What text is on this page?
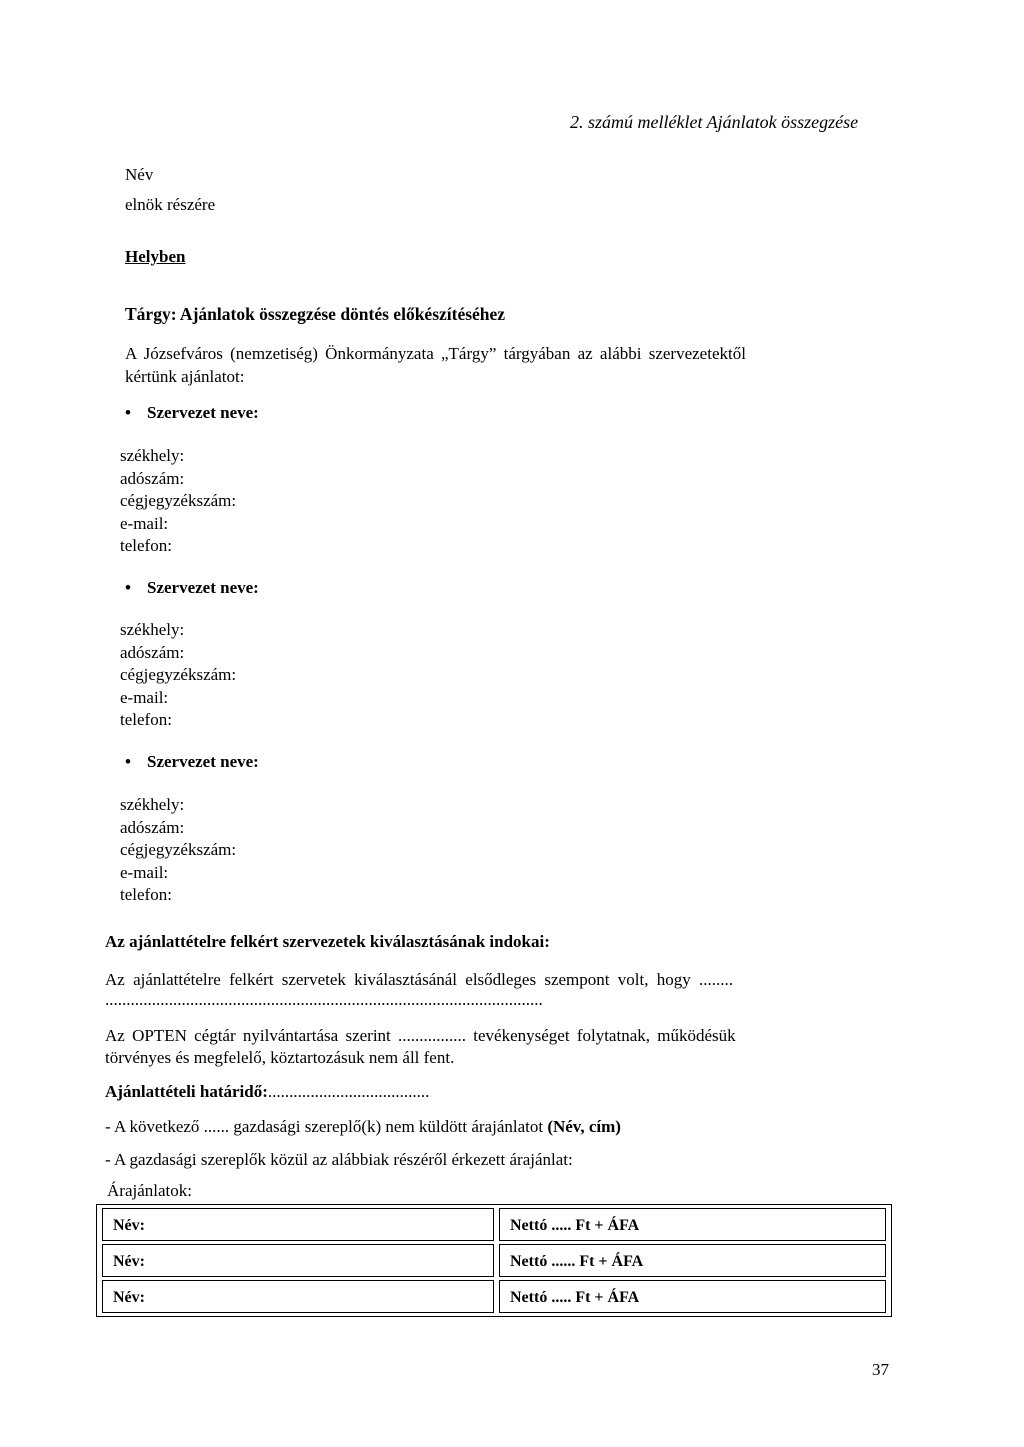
2. számú melléklet Ajánlatok összegzése
Név
elnök részére
Helyben
Tárgy: Ajánlatok összegzése döntés előkészítéséhez
A Józsefváros (nemzetiség) Önkormányzata „Tárgy” tárgyában az alábbi szervezetektől
kértünk ajánlatot:
• Szervezet neve:
székhely:
adószám:
cégjegyzékszám:
e-mail:
telefon:
• Szervezet neve:
székhely:
adószám:
cégjegyzékszám:
e-mail:
telefon:
• Szervezet neve:
székhely:
adószám:
cégjegyzékszám:
e-mail:
telefon:
Az ajánlattételre felkért szervezetek kiválasztásának indokai:
Az ajánlattételre felkért szervetek kiválasztásánál elsődleges szempont volt, hogy ........
.......................................................................................................
Az OPTEN cégtár nyilvántartása szerint ................ tevékenységet folytatnak, működésük
törvényes és megfelelő, köztartozásuk nem áll fent.
Ajánlattételi határidő:......................................
- A következő ...... gazdasági szereplő(k) nem küldött árajánlatot (Név, cím)
- A gazdasági szereplők közül az alábbiak részéről érkezett árajánlat:
Árajánlatok:
Név:	Nettó ..... Ft + ÁFA
Név:	Nettó ...... Ft + ÁFA
Név:	Nettó ..... Ft + ÁFA
37
